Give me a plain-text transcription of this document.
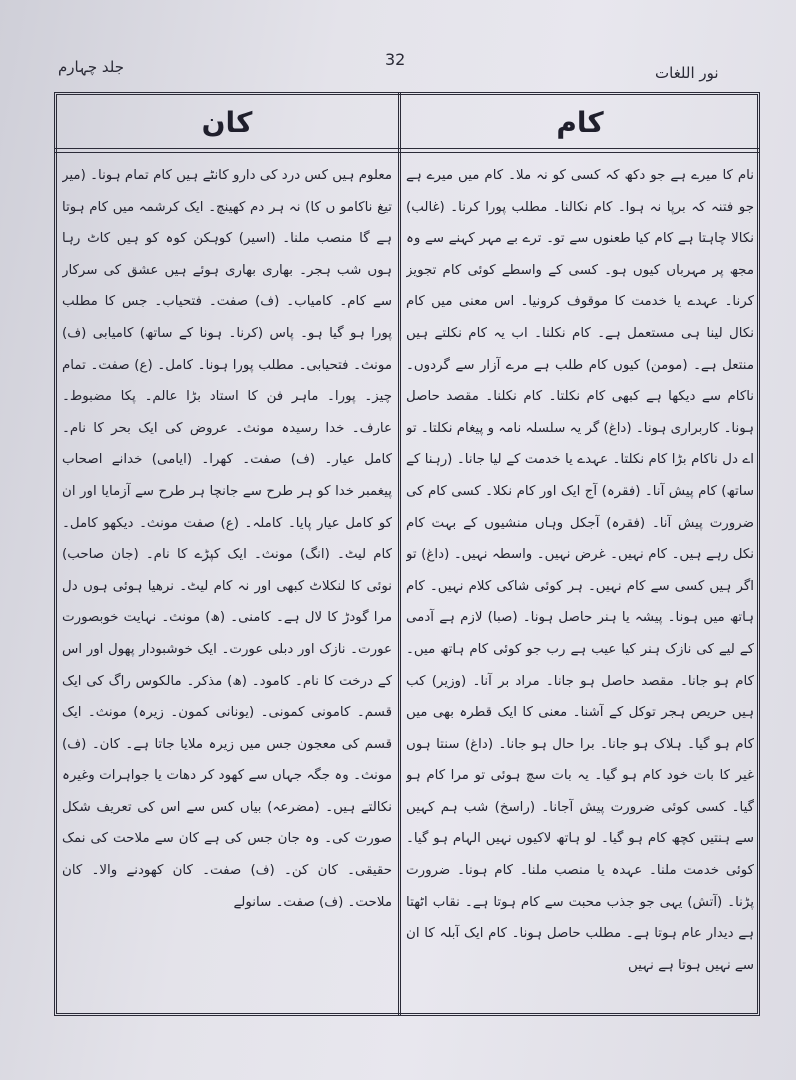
جلد چہارم	32
نور اللغات
کان	کام

معلوم ہیں کس درد کی دارو کانٹے ہیں کام تمام ہونا۔ (میر تیغ ناکامو ں کا) نہ ہر دم کھینچ۔ ایک کرشمہ میں کام ہوتا ہے گا منصب ملنا۔ (اسیر) کوہکن کوہ کو ہیں کاٹ رہا ہوں شب ہجر۔ بھاری بھاری ہوئے ہیں عشق کی سرکار سے کام۔ کامیاب۔ (ف) صفت۔ فتحیاب۔ جس کا مطلب پورا ہو گیا ہو۔ پاس (کرنا۔ ہونا کے ساتھ) کامیابی (ف) مونث۔ فتحیابی۔ مطلب پورا ہونا۔ کامل۔ (ع) صفت۔ تمام چیز۔ پورا۔ ماہر فن کا استاد بڑا عالم۔ پکا مضبوط۔ عارف۔ خدا رسیدہ مونث۔ عروض کی ایک بحر کا نام۔ کامل عیار۔ (ف) صفت۔ کھرا۔ (ایامی) خدانے اصحاب پیغمبر خدا کو ہر طرح سے جانچا ہر طرح سے آزمایا اور ان کو کامل عیار پایا۔ کاملہ۔ (ع) صفت مونث۔ دیکھو کامل۔ کام لیٹ۔ (انگ) مونث۔ ایک کپڑے کا نام۔ (جان صاحب) نوئی کا لنکلاٹ کبھی اور نہ کام لیٹ۔ نرھیا ہوئی ہوں دل مرا گودڑ کا لال ہے۔ کامنی۔ (ھ) مونث۔ نہایت خوبصورت عورت۔ نازک اور دبلی عورت۔ ایک خوشبودار پھول اور اس کے درخت کا نام۔ کامود۔ (ھ) مذکر۔ مالکوس راگ کی ایک قسم۔ کامونی کمونی۔ (یونانی کمون۔ زیرہ) مونث۔ ایک قسم کی معجون جس میں زیرہ ملایا جاتا ہے۔ کان۔ (ف) مونث۔ وہ جگہ جہاں سے کھود کر دھات یا جواہرات وغیرہ نکالتے ہیں۔ (مضرعہ) بیاں کس سے اس کی تعریف شکل صورت کی۔ وہ جان جس کی ہے کان سے ملاحت کی نمک حقیقی۔ کان کن۔ (ف) صفت۔ کان کھودنے والا۔ کان ملاحت۔ (ف) صفت۔ سانولے

نام کا میرے ہے جو دکھ کہ کسی کو نہ ملا۔ کام میں میرے ہے جو فتنہ کہ برپا نہ ہوا۔ کام نکالنا۔ مطلب پورا کرنا۔ (غالب) نکالا چاہتا ہے کام کیا طعنوں سے تو۔ ترے بے مہر کہنے سے وہ مجھ پر مہرباں کیوں ہو۔ کسی کے واسطے کوئی کام تجویز کرنا۔ عہدے یا خدمت کا موقوف کرونیا۔ اس معنی میں کام نکال لینا ہی مستعمل ہے۔ کام نکلنا۔ اب یہ کام نکلتے ہیں منتعل ہے۔ (مومن) کیوں کام طلب ہے مرے آزار سے گردوں۔ ناکام سے دیکھا ہے کبھی کام نکلتا۔ کام نکلنا۔ مقصد حاصل ہونا۔ کاربراری ہونا۔ (داغ) گر یہ سلسلہ نامہ و پیغام نکلتا۔ تو اے دل ناکام بڑا کام نکلتا۔ عہدے یا خدمت کے لیا جانا۔ (رہنا کے ساتھ) کام پیش آنا۔ (فقرہ) آج ایک اور کام نکلا۔ کسی کام کی ضرورت پیش آنا۔ (فقرہ) آجکل وہاں منشیوں کے بہت کام نکل رہے ہیں۔ کام نہیں۔ غرض نہیں۔ واسطہ نہیں۔ (داغ) تو اگر ہیں کسی سے کام نہیں۔ ہر کوئی شاکی کلام نہیں۔ کام ہاتھ میں ہونا۔ پیشہ یا ہنر حاصل ہونا۔ (صبا) لازم ہے آدمی کے لیے کی نازک ہنر کیا عیب ہے رب جو کوئی کام ہاتھ میں۔ کام ہو جانا۔ مقصد حاصل ہو جانا۔ مراد بر آنا۔ (وزیر) کب ہیں حریص ہجر توکل کے آشنا۔ معنی کا ایک قطرہ بھی میں کام ہو گیا۔ ہلاک ہو جانا۔ برا حال ہو جانا۔ (داغ) سنتا ہوں غیر کا بات خود کام ہو گیا۔ یہ بات سچ ہوئی تو مرا کام ہو گیا۔ کسی کوئی ضرورت پیش آجانا۔ (راسخ) شب ہم کہیں سے ہنتیں کچھ کام ہو گیا۔ لو ہاتھ لاکیوں نہیں الہام ہو گیا۔ کوئی خدمت ملنا۔ عہدہ یا منصب ملنا۔ کام ہونا۔ ضرورت پڑنا۔ (آتش) یہی جو جذب محبت سے کام ہوتا ہے۔ نقاب اٹھتا ہے دیدار عام ہوتا ہے۔ مطلب حاصل ہونا۔ کام ایک آبلہ کا ان سے نہیں ہوتا ہے نہیں
